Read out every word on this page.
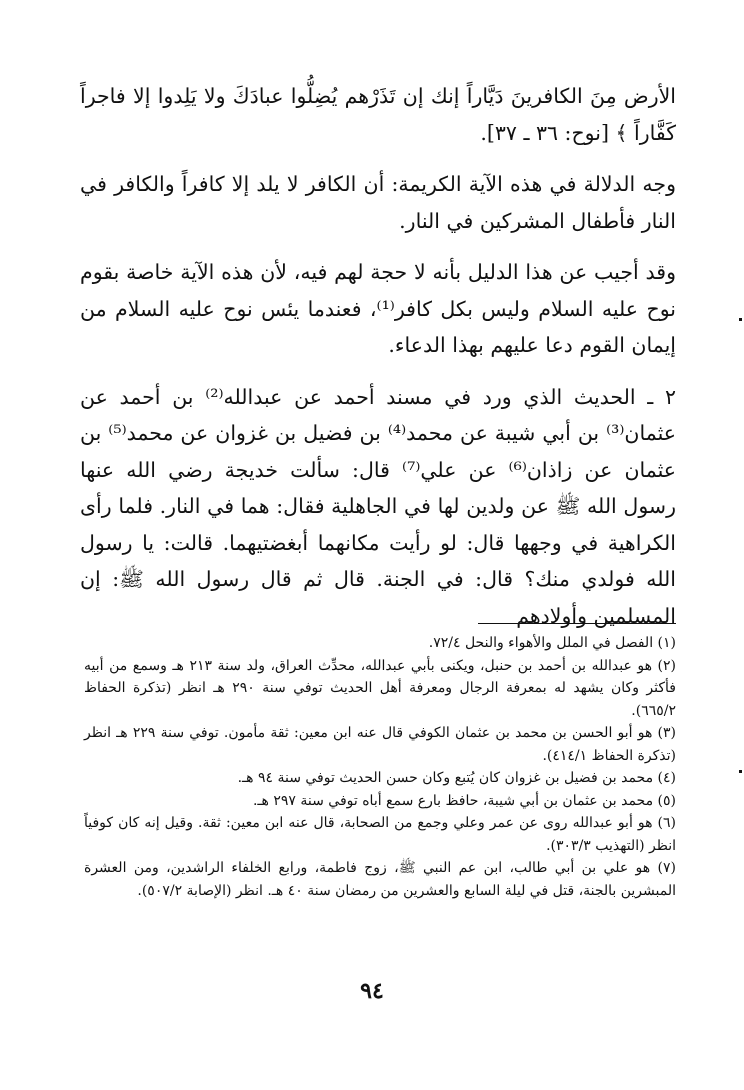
الأرض مِنَ الكافرينَ دَيَّاراً إنك إن تَذَرْهم يُضِلُّوا عبادَكَ ولا يَلِدوا إلا فاجراً كَفَّاراً ﴾ [نوح: ٣٦ ـ ٣٧].

وجه الدلالة في هذه الآية الكريمة: أن الكافر لا يلد إلا كافراً والكافر في النار فأطفال المشركين في النار.

وقد أجيب عن هذا الدليل بأنه لا حجة لهم فيه، لأن هذه الآية خاصة بقوم نوح عليه السلام وليس بكل كافر⁽¹⁾، فعندما يئس نوح عليه السلام من إيمان القوم دعا عليهم بهذا الدعاء.

٢ ـ الحديث الذي ورد في مسند أحمد عن عبدالله⁽²⁾ بن أحمد عن عثمان⁽³⁾ بن أبي شيبة عن محمد⁽⁴⁾ بن فضيل بن غزوان عن محمد⁽⁵⁾ بن عثمان عن زاذان⁽⁶⁾ عن علي⁽⁷⁾ قال: سألت خديجة رضي الله عنها رسول الله ﷺ عن ولدين لها في الجاهلية فقال: هما في النار. فلما رأى الكراهية في وجهها قال: لو رأيت مكانهما أبغضتيهما. قالت: يا رسول الله فولدي منك؟ قال: في الجنة. قال ثم قال رسول الله ﷺ: إن المسلمين وأولادهم

(١) الفصل في الملل والأهواء والنحل ٧٢/٤.
(٢) هو عبدالله بن أحمد بن حنبل، ويكنى بأبي عبدالله، محدِّث العراق، ولد سنة ٢١٣ هـ وسمع من أبيه فأكثر وكان يشهد له بمعرفة الرجال ومعرفة أهل الحديث توفي سنة ٢٩٠ هـ انظر (تذكرة الحفاظ ٦٦٥/٢).
(٣) هو أبو الحسن بن محمد بن عثمان الكوفي قال عنه ابن معين: ثقة مأمون. توفي سنة ٢٢٩ هـ انظر (تذكرة الحفاظ ٤١٤/١).
(٤) محمد بن فضيل بن غزوان كان يُتبع وكان حسن الحديث توفي سنة ٩٤ هـ.
(٥) محمد بن عثمان بن أبي شيبة، حافظ بارع سمع أباه توفي سنة ٢٩٧ هـ.
(٦) هو أبو عبدالله روى عن عمر وعلي وجمع من الصحابة، قال عنه ابن معين: ثقة. وقيل إنه كان كوفياً انظر (التهذيب ٣٠٣/٣).
(٧) هو علي بن أبي طالب، ابن عم النبي ﷺ، زوج فاطمة، ورابع الخلفاء الراشدين، ومن العشرة المبشرين بالجنة، قتل في ليلة السابع والعشرين من رمضان سنة ٤٠ هـ. انظر (الإصابة ٥٠٧/٢).
٩٤
